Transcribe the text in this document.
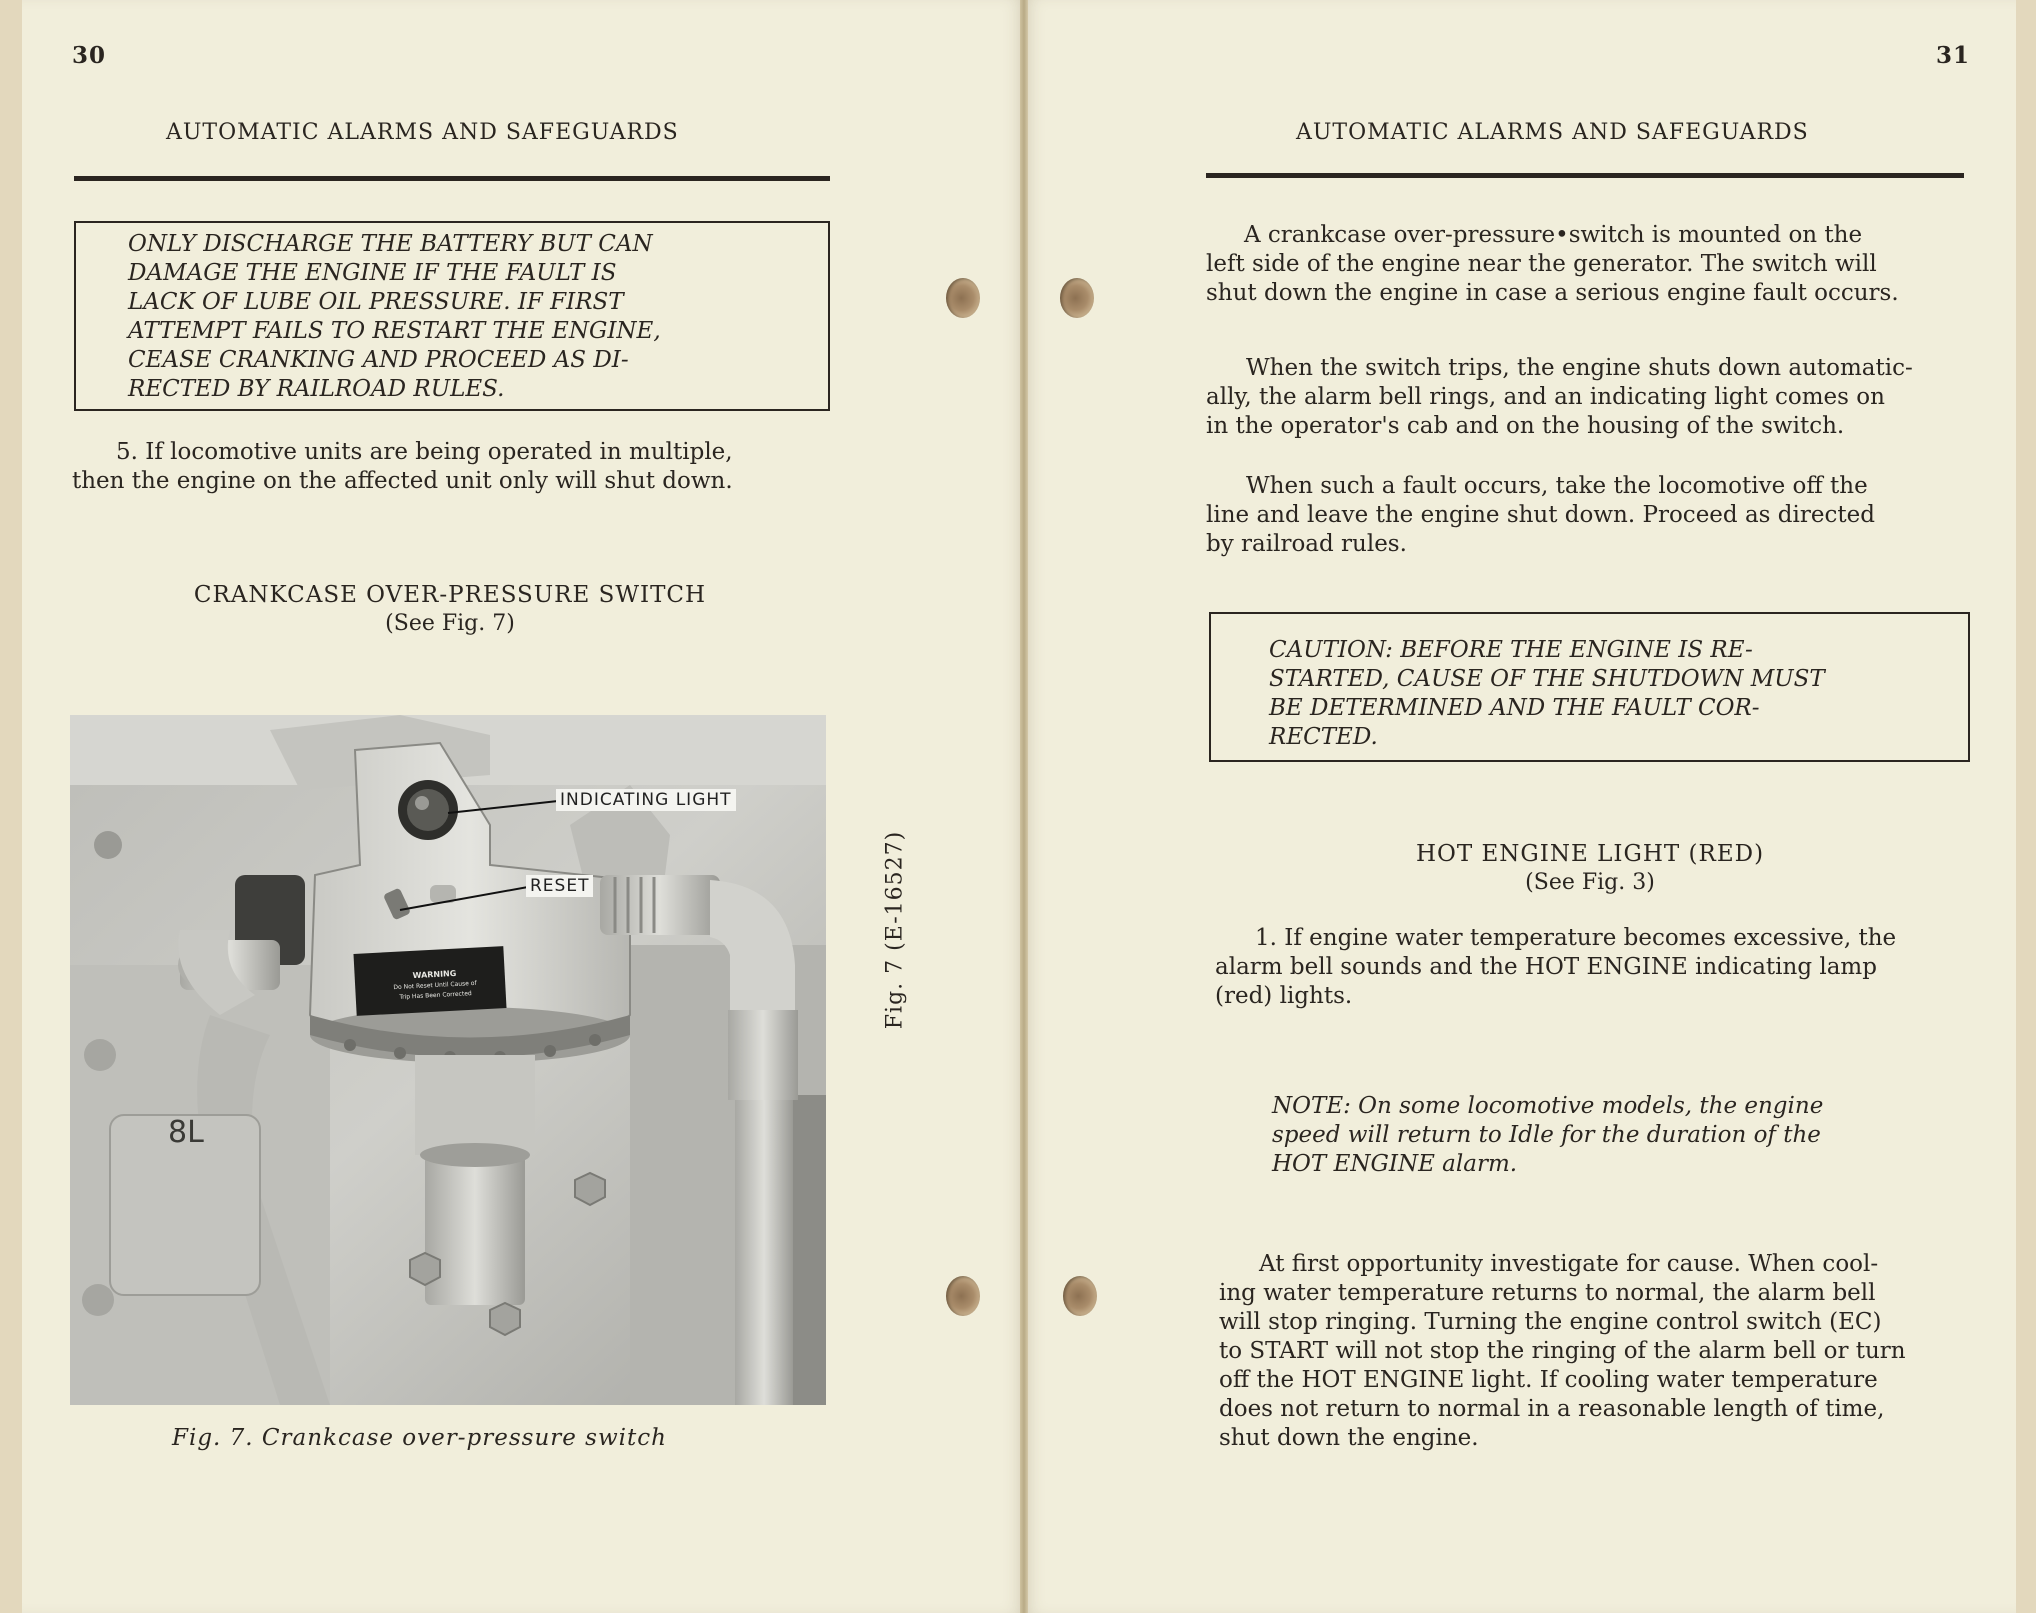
30
AUTOMATIC ALARMS AND SAFEGUARDS

ONLY DISCHARGE THE BATTERY BUT CAN

DAMAGE THE ENGINE IF THE FAULT IS

LACK OF LUBE OIL PRESSURE. IF FIRST

ATTEMPT FAILS TO RESTART THE ENGINE,

CEASE CRANKING AND PROCEED AS DI-

RECTED BY RAILROAD RULES.

5. If locomotive units are being operated in multiple,

then the engine on the affected unit only will shut down.

CRANKCASE OVER-PRESSURE SWITCH
(See Fig. 7)
8L
WARNING
Do Not Reset Until Cause of
Trip Has Been Corrected
INDICATING LIGHT
RESET
Fig. 7. Crankcase over-pressure switch
Fig. 7 (E-16527)
31
AUTOMATIC ALARMS AND SAFEGUARDS

A crankcase over-pressure•switch is mounted on the

left side of the engine near the generator. The switch will

shut down the engine in case a serious engine fault occurs.

When the switch trips, the engine shuts down automatic-

ally, the alarm bell rings, and an indicating light comes on

in the operator's cab and on the housing of the switch.

When such a fault occurs, take the locomotive off the

line and leave the engine shut down. Proceed as directed

by railroad rules.

CAUTION: BEFORE THE ENGINE IS RE-

STARTED, CAUSE OF THE SHUTDOWN MUST

BE DETERMINED AND THE FAULT COR-

RECTED.

HOT ENGINE LIGHT (RED)
(See Fig. 3)

1. If engine water temperature becomes excessive, the

alarm bell sounds and the HOT ENGINE indicating lamp

(red) lights.

NOTE: On some locomotive models, the engine

speed will return to Idle for the duration of the

HOT ENGINE alarm.

At first opportunity investigate for cause. When cool-

ing water temperature returns to normal, the alarm bell

will stop ringing. Turning the engine control switch (EC)

to START will not stop the ringing of the alarm bell or turn

off the HOT ENGINE light. If cooling water temperature

does not return to normal in a reasonable length of time,

shut down the engine.
